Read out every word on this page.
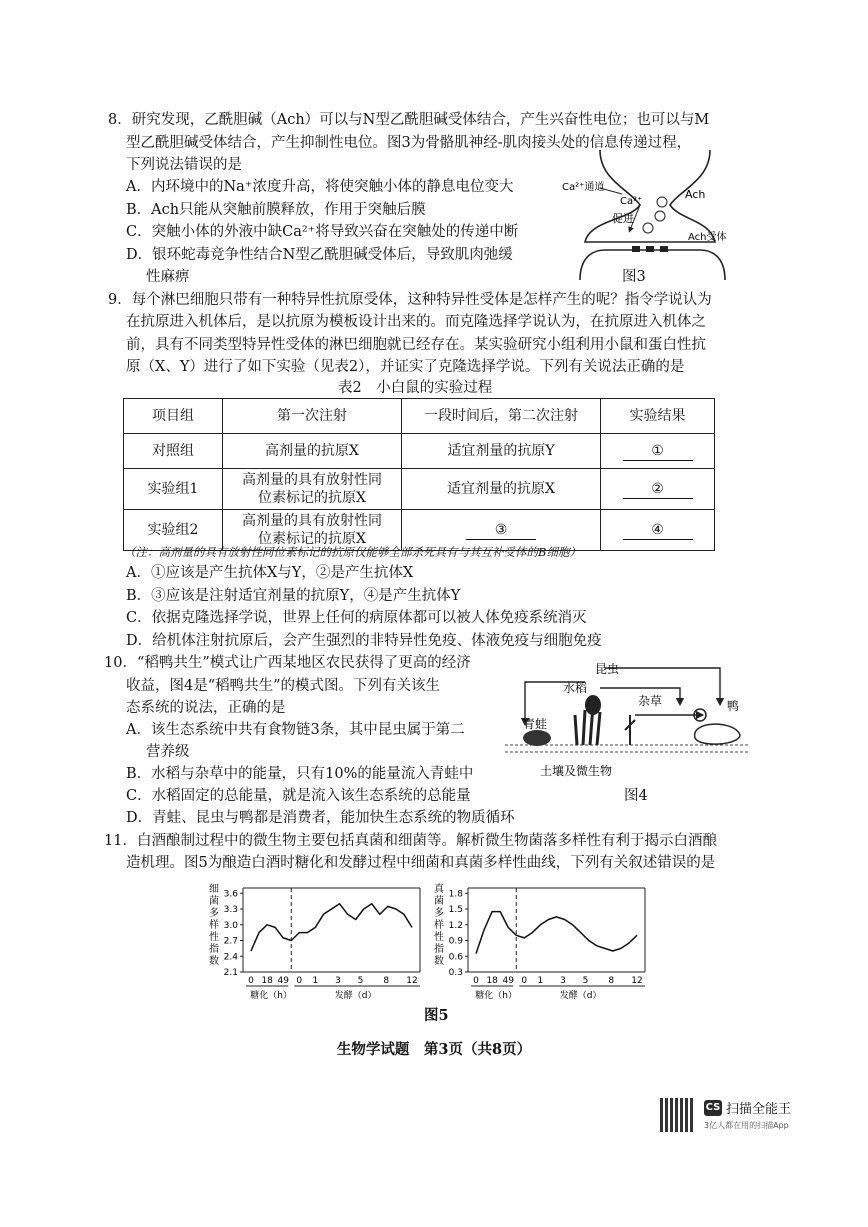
8．研究发现，乙酰胆碱（Ach）可以与N型乙酰胆碱受体结合，产生兴奋性电位；也可以与M
型乙酰胆碱受体结合，产生抑制性电位。图3为骨骼肌神经-肌肉接头处的信息传递过程，
下列说法错误的是
A．内环境中的Na⁺浓度升高，将使突触小体的静息电位变大
B．Ach只能从突触前膜释放，作用于突触后膜
C．突触小体的外液中缺Ca²⁺将导致兴奋在突触处的传递中断
D．银环蛇毒竞争性结合N型乙酰胆碱受体后，导致肌肉弛缓
性麻痹
Ca²⁺通道
Ca²⁺
促进
Ach
Ach受体
图3
9．每个淋巴细胞只带有一种特异性抗原受体，这种特异性受体是怎样产生的呢？指令学说认为
在抗原进入机体后，是以抗原为模板设计出来的。而克隆选择学说认为，在抗原进入机体之
前，具有不同类型特异性受体的淋巴细胞就已经存在。某实验研究小组利用小鼠和蛋白性抗
原（X、Y）进行了如下实验（见表2），并证实了克隆选择学说。下列有关说法正确的是
表2　小白鼠的实验过程
项目组	第一次注射	一段时间后，第二次注射	实验结果
对照组	高剂量的抗原X	适宜剂量的抗原Y	①
实验组1	高剂量的具有放射性同
位素标记的抗原X	适宜剂量的抗原X	②
实验组2	高剂量的具有放射性同
位素标记的抗原X	③	④
（注：高剂量的具有放射性同位素标记的抗原仅能够全部杀死具有与其互补受体的B细胞）
A．①应该是产生抗体X与Y，②是产生抗体X
B．③应该是注射适宜剂量的抗原Y，④是产生抗体Y
C．依据克隆选择学说，世界上任何的病原体都可以被人体免疫系统消灭
D．给机体注射抗原后，会产生强烈的非特异性免疫、体液免疫与细胞免疫
10．“稻鸭共生”模式让广西某地区农民获得了更高的经济
收益，图4是“稻鸭共生”的模式图。下列有关该生
态系统的说法，正确的是
A．该生态系统中共有食物链3条，其中昆虫属于第二
营养级
B．水稻与杂草中的能量，只有10%的能量流入青蛙中
C．水稻固定的总能量，就是流入该生态系统的总能量
D．青蛙、昆虫与鸭都是消费者，能加快生态系统的物质循环
昆虫
水稻
杂草
青蛙
鸭
土壤及微生物
图4
11．白酒酿制过程中的微生物主要包括真菌和细菌等。解析微生物菌落多样性有利于揭示白酒酿
造机理。图5为酿造白酒时糖化和发酵过程中细菌和真菌多样性曲线，下列有关叙述错误的是
细
菌
多
样
性
指
数
3.6
3.3
3.0
2.7
2.4
2.1
0 18 49 0 1 3 5 8 12
糖化（h）	发酵（d）
真
菌
多
样
性
指
数
1.8
1.5
1.2
0.9
0.6
0.3
0 18 49 0 1 3 5 8 12
糖化（h）	发酵（d）
图5
生物学试题　第3页（共8页）
CS 扫描全能王
3亿人都在用的扫描App
